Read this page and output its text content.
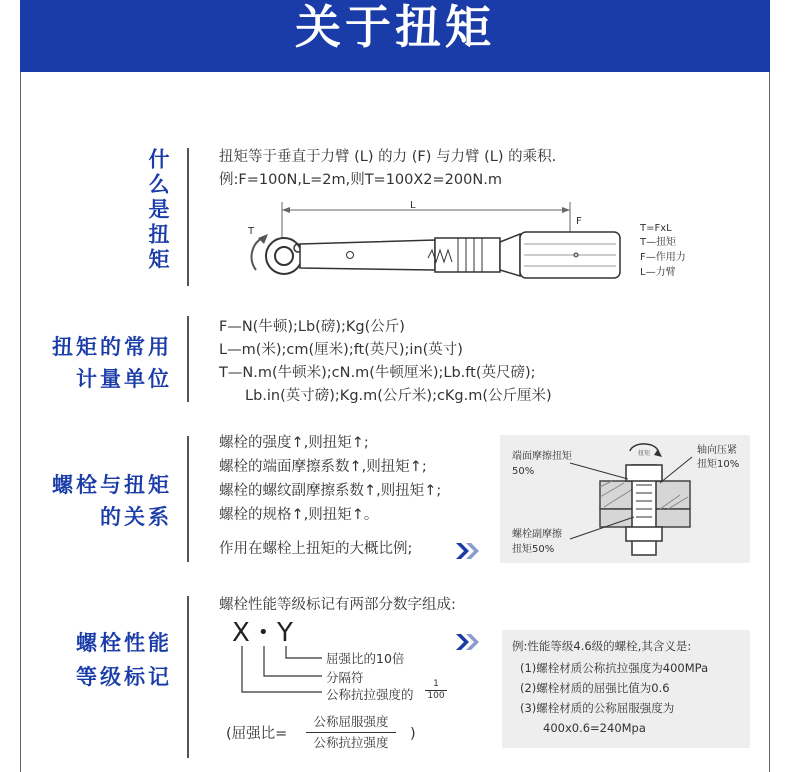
关于扭矩
什么是扭矩	扭矩等于垂直于力臂 (L) 的力 (F) 与力臂 (L) 的乘积.
例:F=100N,L=2m,则T=100X2=200N.m
L
F
T	T=FxL
T—扭矩
F—作用力
L—力臂
扭矩的常用
计量单位
F—N(牛顿);Lb(磅);Kg(公斤)
L—m(米);cm(厘米);ft(英尺);in(英寸)
T—N.m(牛顿米);cN.m(牛顿厘米);Lb.ft(英尺磅);
Lb.in(英寸磅);Kg.m(公斤米);cKg.m(公斤厘米)
螺栓与扭矩
的关系
螺栓的强度↑,则扭矩↑;
螺栓的端面摩擦系数↑,则扭矩↑;
螺栓的螺纹副摩擦系数↑,则扭矩↑;
螺栓的规格↑,则扭矩↑。
作用在螺栓上扭矩的大概比例;
扭矩
端面摩擦扭矩
50%
轴向压紧
扭矩10%
螺栓副摩擦
扭矩50%
螺栓性能
等级标记
螺栓性能等级标记有两部分数字组成:
X • Y
屈强比的10倍
分隔符
公称抗拉强度的 $\frac{1}{100}$
(屈强比=
公称屈服强度
公称抗拉强度
)
例:性能等级4.6级的螺栓,其含义是:
(1)螺栓材质公称抗拉强度为400MPa
(2)螺栓材质的屈强比值为0.6
(3)螺栓材质的公称屈服强度为
400x0.6=240Mpa
